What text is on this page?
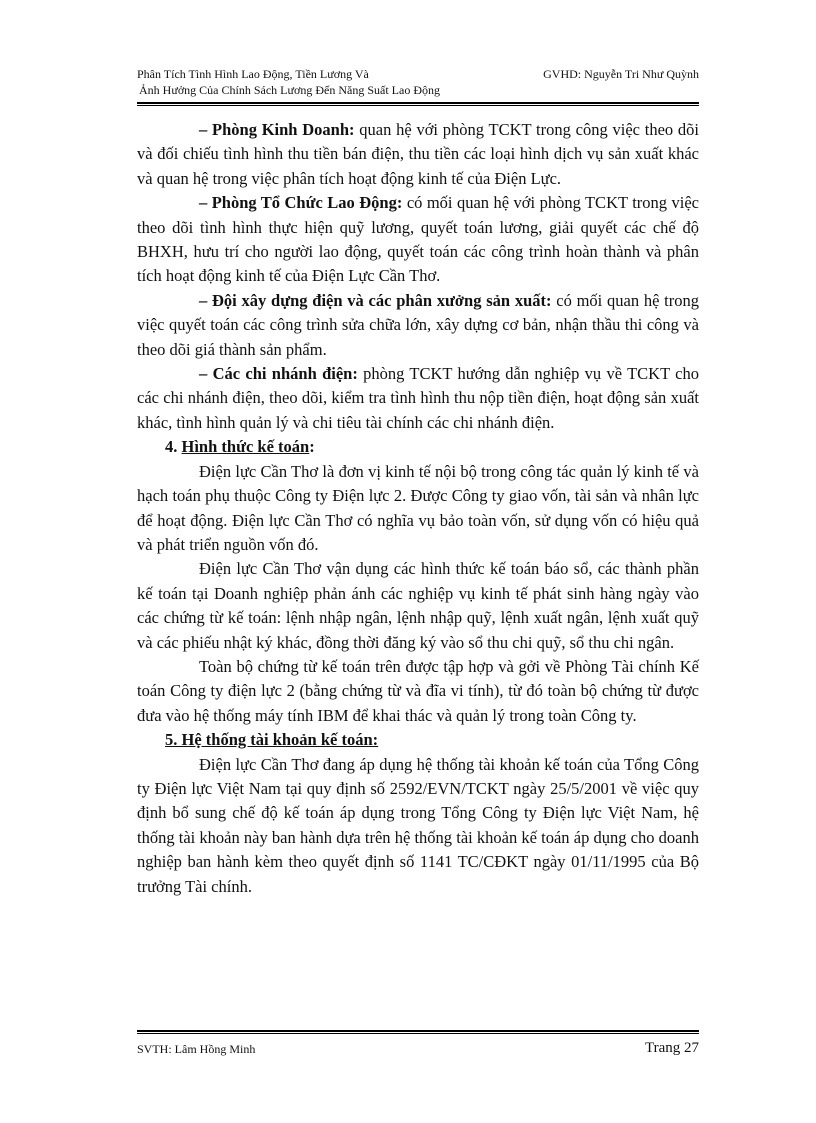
Phân Tích Tình Hình Lao Động, Tiền Lương Và
Ảnh Hưởng Của Chính Sách Lương Đến Năng Suất Lao Động
GVHD: Nguyễn Tri Như Quỳnh

– Phòng Kinh Doanh: quan hệ với phòng TCKT trong công việc theo dõi và đối chiếu tình hình thu tiền bán điện, thu tiền các loại hình dịch vụ sản xuất khác và quan hệ trong việc phân tích hoạt động kinh tế của Điện Lực.

– Phòng Tổ Chức Lao Động: có mối quan hệ với phòng TCKT trong việc theo dõi tình hình thực hiện quỹ lương, quyết toán lương, giải quyết các chế độ BHXH, hưu trí cho người lao động, quyết toán các công trình hoàn thành và phân tích hoạt động kinh tế của Điện Lực Cần Thơ.

– Đội xây dựng điện và các phân xưởng sản xuất: có mối quan hệ trong việc quyết toán các công trình sửa chữa lớn, xây dựng cơ bản, nhận thầu thi công và theo dõi giá thành sản phẩm.

– Các chi nhánh điện: phòng TCKT hướng dẫn nghiệp vụ về TCKT cho các chi nhánh điện, theo dõi, kiểm tra tình hình thu nộp tiền điện, hoạt động sản xuất khác, tình hình quản lý và chi tiêu tài chính các chi nhánh điện.

4. Hình thức kế toán:

Điện lực Cần Thơ là đơn vị kinh tế nội bộ trong công tác quản lý kinh tế và hạch toán phụ thuộc Công ty Điện lực 2. Được Công ty giao vốn, tài sản và nhân lực để hoạt động. Điện lực Cần Thơ có nghĩa vụ bảo toàn vốn, sử dụng vốn có hiệu quả và phát triển nguồn vốn đó.

Điện lực Cần Thơ vận dụng các hình thức kế toán báo sổ, các thành phần kế toán tại Doanh nghiệp phản ánh các nghiệp vụ kinh tế phát sinh hàng ngày vào các chứng từ kế toán: lệnh nhập ngân, lệnh nhập quỹ, lệnh xuất ngân, lệnh xuất quỹ và các phiếu nhật ký khác, đồng thời đăng ký vào sổ thu chi quỹ, sổ thu chi ngân.

Toàn bộ chứng từ kế toán trên được tập hợp và gởi về Phòng Tài chính Kế toán Công ty điện lực 2 (bằng chứng từ và đĩa vi tính), từ đó toàn bộ chứng từ được đưa vào hệ thống máy tính IBM để khai thác và quản lý trong toàn Công ty.

5. Hệ thống tài khoản kế toán:

Điện lực Cần Thơ đang áp dụng hệ thống tài khoản kế toán của Tổng Công ty Điện lực Việt Nam tại quy định số 2592/EVN/TCKT ngày 25/5/2001 về việc quy định bổ sung chế độ kế toán áp dụng trong Tổng Công ty Điện lực Việt Nam, hệ thống tài khoản này ban hành dựa trên hệ thống tài khoản kế toán áp dụng cho doanh nghiệp ban hành kèm theo quyết định số 1141 TC/CĐKT ngày 01/11/1995 của Bộ trưởng Tài chính.

SVTH: Lâm Hồng Minh	Trang 27
